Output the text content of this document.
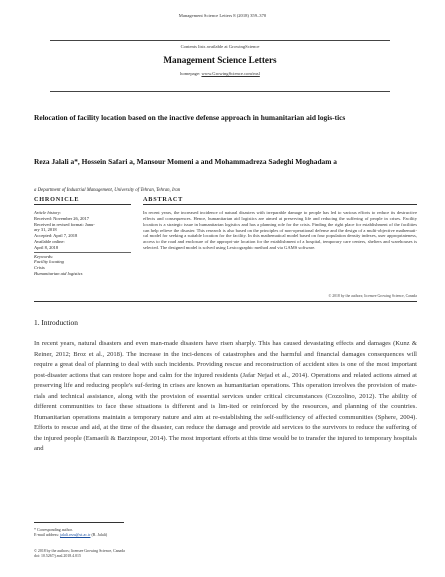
Management Science Letters 8 (2018) 359–370
Contents lists available at GrowingScience
Management Science Letters
homepage: www.GrowingScience.com/msl
Relocation of facility location based on the inactive defense approach in humanitarian aid logis-tics
Reza Jalali a*, Hossein Safari a, Mansour Momeni a and Mohammadreza Sadeghi Moghadam a
a Department of Industrial Management, University of Tehran, Tehran, Iran
CHRONICLE	ABSTRACT
Article history:
Received: November 26, 2017
Received in revised format: Janu-
ary 31, 2018
Accepted: April 7, 2018
Available online:
April 8, 2018
Keywords:
Facility locating
Crisis
Humanitarian aid logistics
In recent years, the increased incidence of natural disasters with irreparable damage to people has led to various efforts to reduce its destructive effects and consequences. Hence, humanitarian aid logistics are aimed at preserving life and reducing the suffering of people in crises. Facility location is a strategic issue in humanitarian logistics and has a planning role for the crisis. Finding the right place for establishment of the facilities can help relieve the disaster. This research is also based on the principles of non-operational defense and the design of a multi-objective mathemati-cal model for seeking a suitable location for the facility. In this mathematical model based on four population density indexes, user appropriateness, access to the road and enclosure of the appropri-ate location for the establishment of a hospital, temporary care centers, shelters and warehouses is selected. The designed model is solved using Lexicographic method and via GAMS software.
© 2018 by the authors; licensee Growing Science, Canada
1. Introduction
In recent years, natural disasters and even man-made disasters have risen sharply. This has caused devastating effects and damages (Kunz & Reiner, 2012; Broz et al., 2018). The increase in the inci-dences of catastrophes and the harmful and financial damages consequences will require a great deal of planning to deal with such incidents. Providing rescue and reconstruction of accident sites is one of the most important post-disaster actions that can restore hope and calm for the injured residents (Jafar Nejad et al., 2014). Operations and related actions aimed at preserving life and reducing people's suf-fering in crises are known as humanitarian operations. This operation involves the provision of mate-rials and technical assistance, along with the provision of essential services under critical circumstances (Cozzolino, 2012). The ability of different communities to face these situations is different and is lim-ited or reinforced by the resources, and planning of the countries. Humanitarian operations maintain a temporary nature and aim at re-establishing the self-sufficiency of affected communities (Sphere, 2004). Efforts to rescue and aid, at the time of the disaster, can reduce the damage and provide aid services to the survivors to reduce the suffering of the injured people (Esmaeili & Barzinpour, 2014). The most important efforts at this time would be to transfer the injured to temporary hospitals and
* Corresponding author.
E-mail address: jalali.reza@ut.ac.ir (R. Jalali)
© 2018 by the authors; licensee Growing Science, Canada
doi: 10.5267/j.msl.2018.4.015
